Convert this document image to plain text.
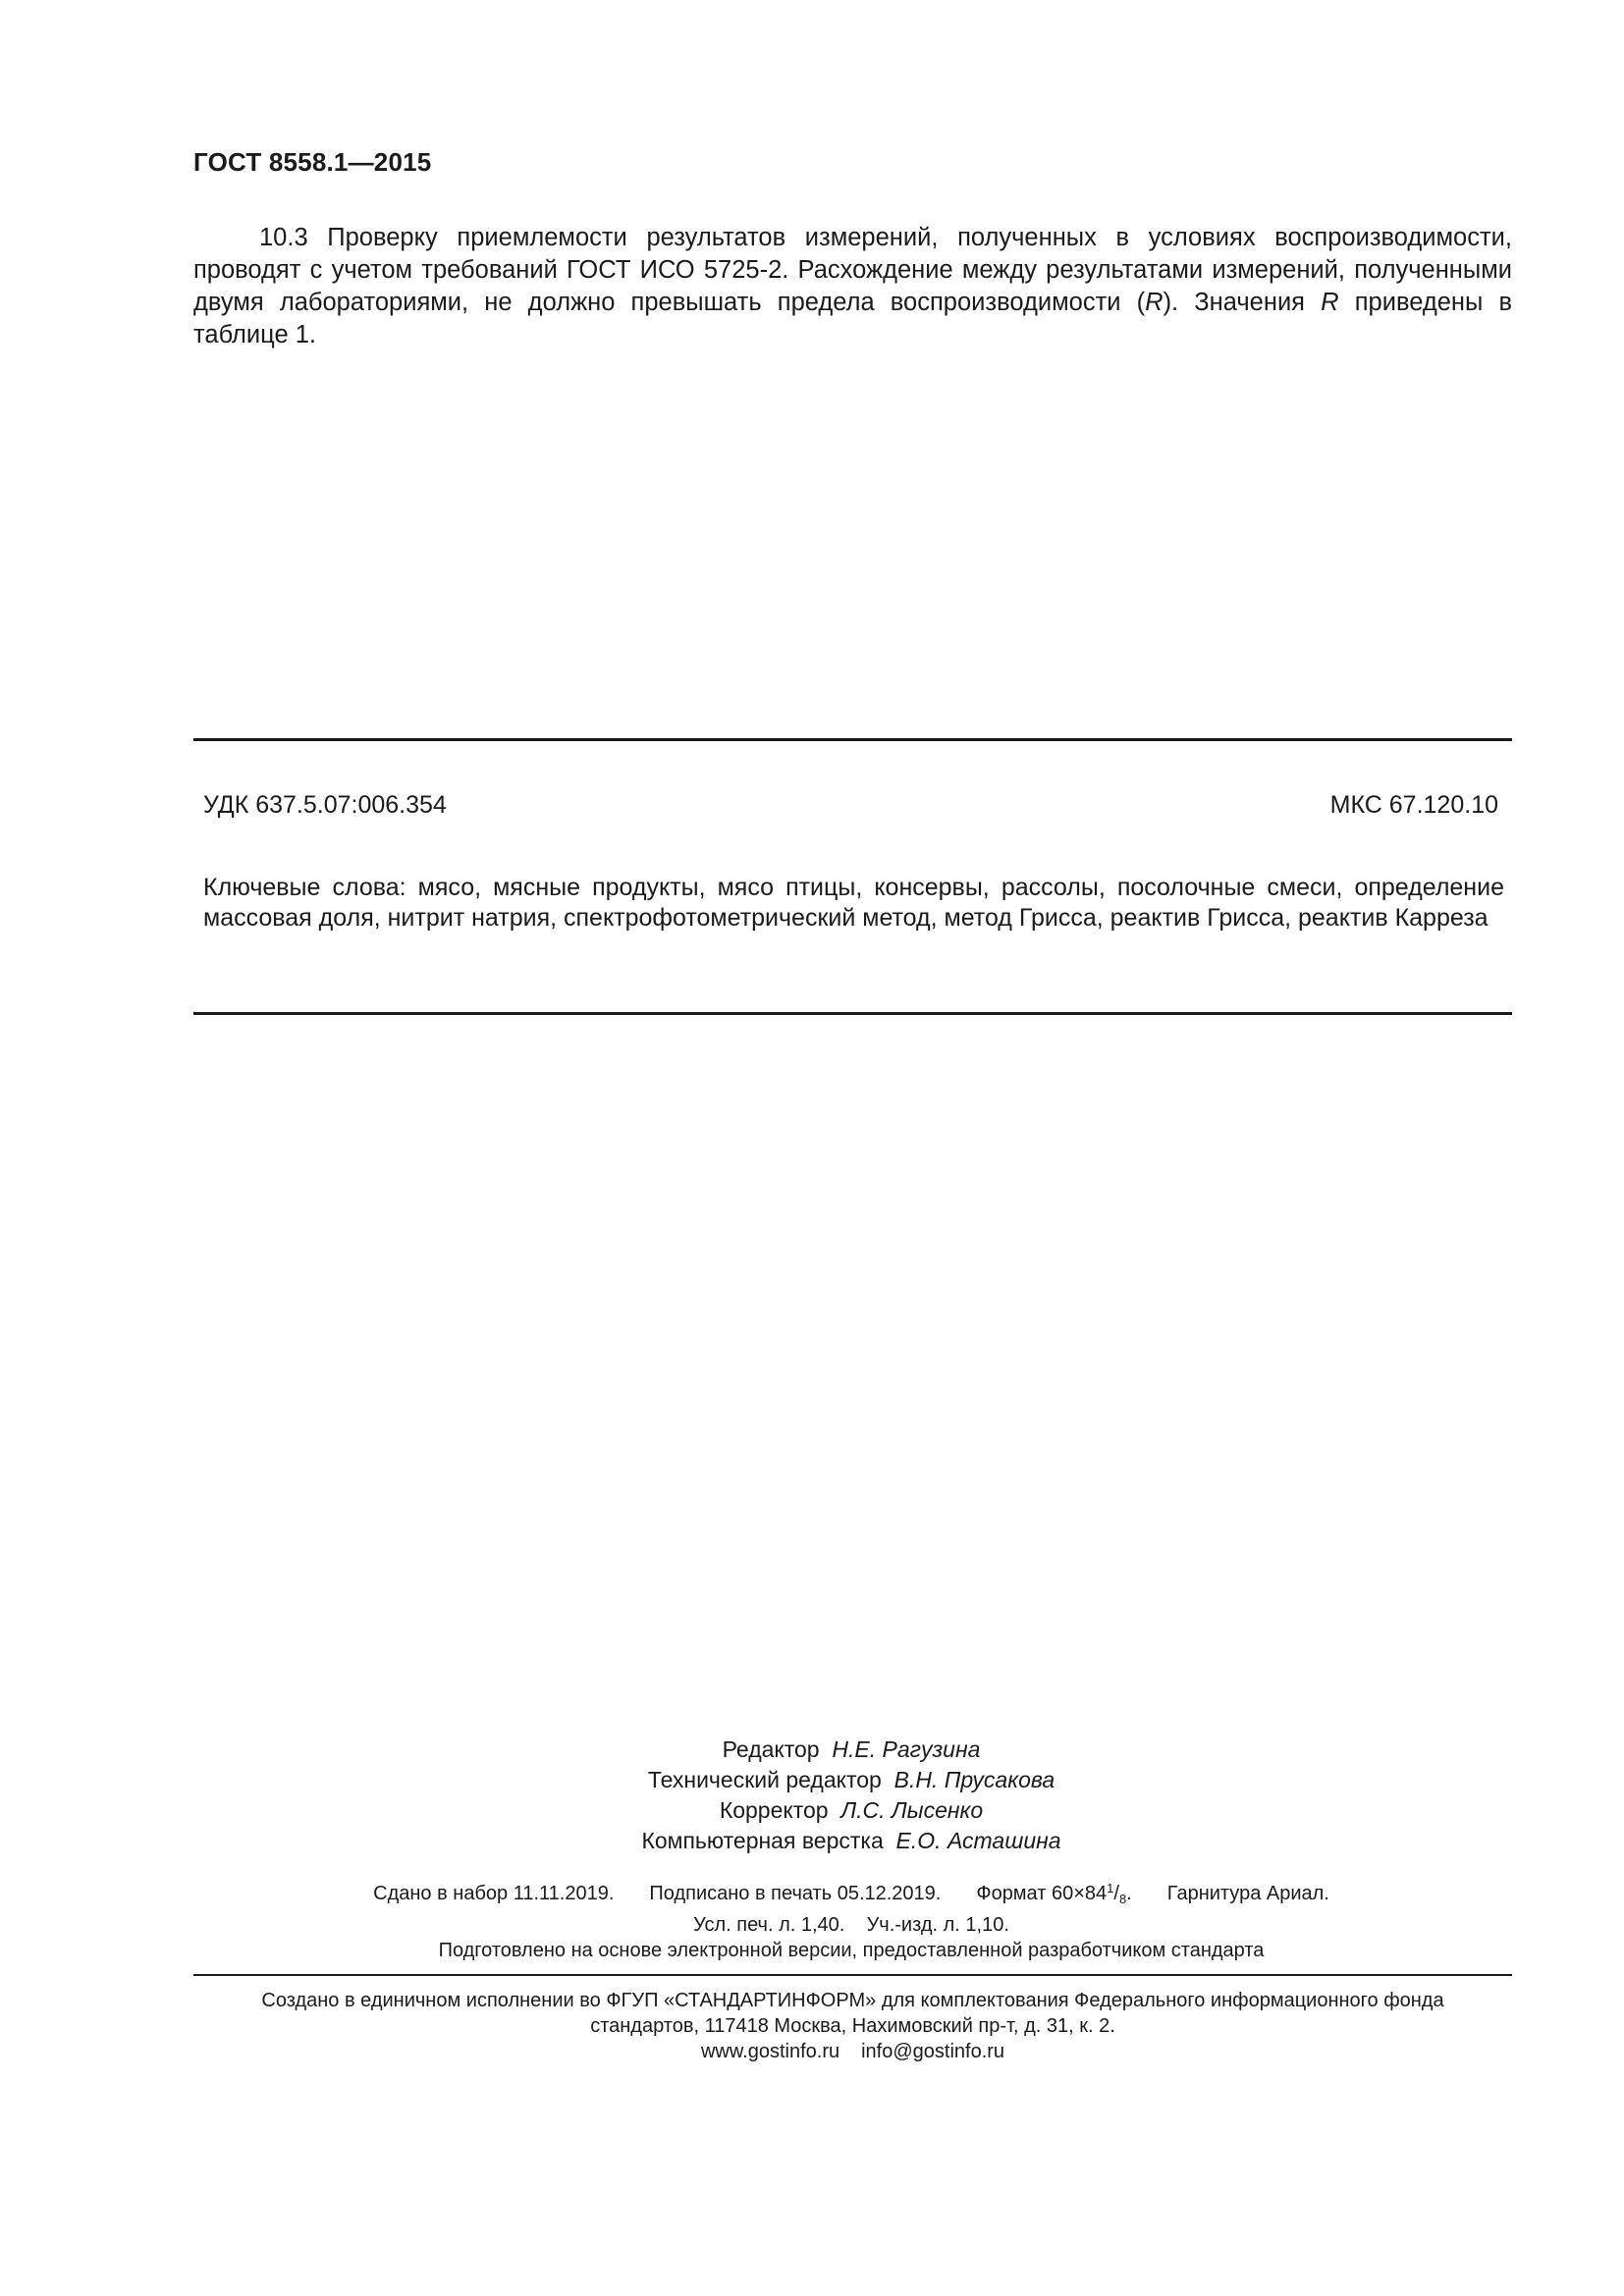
ГОСТ 8558.1—2015

10.3 Проверку приемлемости результатов измерений, полученных в условиях воспроизводимости, проводят с учетом требований ГОСТ ИСО 5725-2. Расхождение между результатами измерений, полученными двумя лабораториями, не должно превышать предела воспроизводимости (R). Значения R приведены в таблице 1.

УДК 637.5.07:006.354	МКС 67.120.10
Ключевые слова: мясо, мясные продукты, мясо птицы, консервы, рассолы, посолочные смеси, определение массовая доля, нитрит натрия, спектрофотометрический метод, метод Грисса, реактив Грисса, реактив Карреза
Редактор Н.Е. Рагузина
Технический редактор В.Н. Прусакова
Корректор Л.С. Лысенко
Компьютерная верстка Е.О. Асташина
Сдано в набор 11.11.2019. Подписано в печать 05.12.2019. Формат $60\times 84^1/_8$. Гарнитура Ариал.
Усл. печ. л. 1,40. Уч.-изд. л. 1,10.
Подготовлено на основе электронной версии, предоставленной разработчиком стандарта
Создано в единичном исполнении во ФГУП «СТАНДАРТИНФОРМ» для комплектования Федерального информационного фонда
стандартов, 117418 Москва, Нахимовский пр-т, д. 31, к. 2.
www.gostinfo.ru info@gostinfo.ru
